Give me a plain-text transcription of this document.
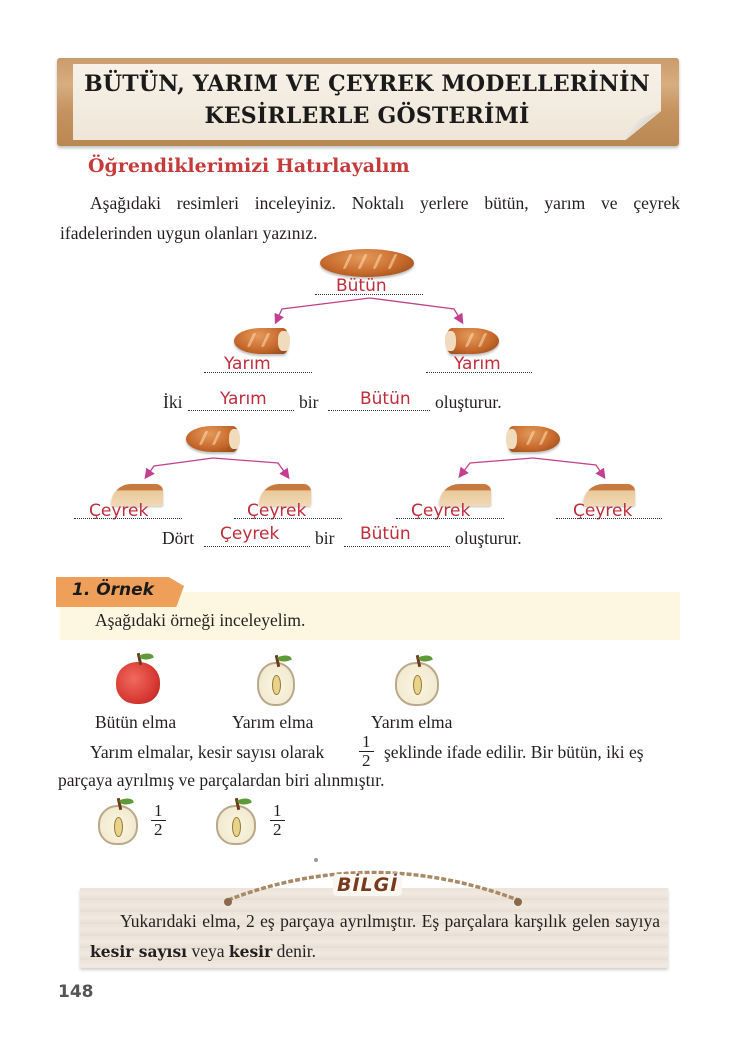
BÜTÜN, YARIM VE ÇEYREK MODELLERİNİN
KESİRLERLE GÖSTERİMİ
Öğrendiklerimizi Hatırlayalım
Aşağıdaki resimleri inceleyiniz. Noktalı yerlere bütün, yarım ve çeyrek ifadelerinden uygun olanları yazınız.
Bütün
Yarım	Yarım
İki Yarım bir Bütün oluşturur.
Çeyrek	Çeyrek	Çeyrek	Çeyrek
Dört Çeyrek bir Bütün	oluşturur.
1. Örnek
Aşağıdaki örneği inceleyelim.
Bütün elma	Yarım elma	Yarım elma
Yarım elmalar, kesir sayısı olarak $\frac{1}{2}$ şeklinde ifade edilir. Bir bütün, iki eş
parçaya ayrılmış ve parçalardan biri alınmıştır.
$\frac{1}{2}$	$\frac{1}{2}$
BİLGİ
Yukarıdaki elma, 2 eş parçaya ayrılmıştır. Eş parçalara karşılık gelen sayıya kesir sayısı veya kesir denir.
148
